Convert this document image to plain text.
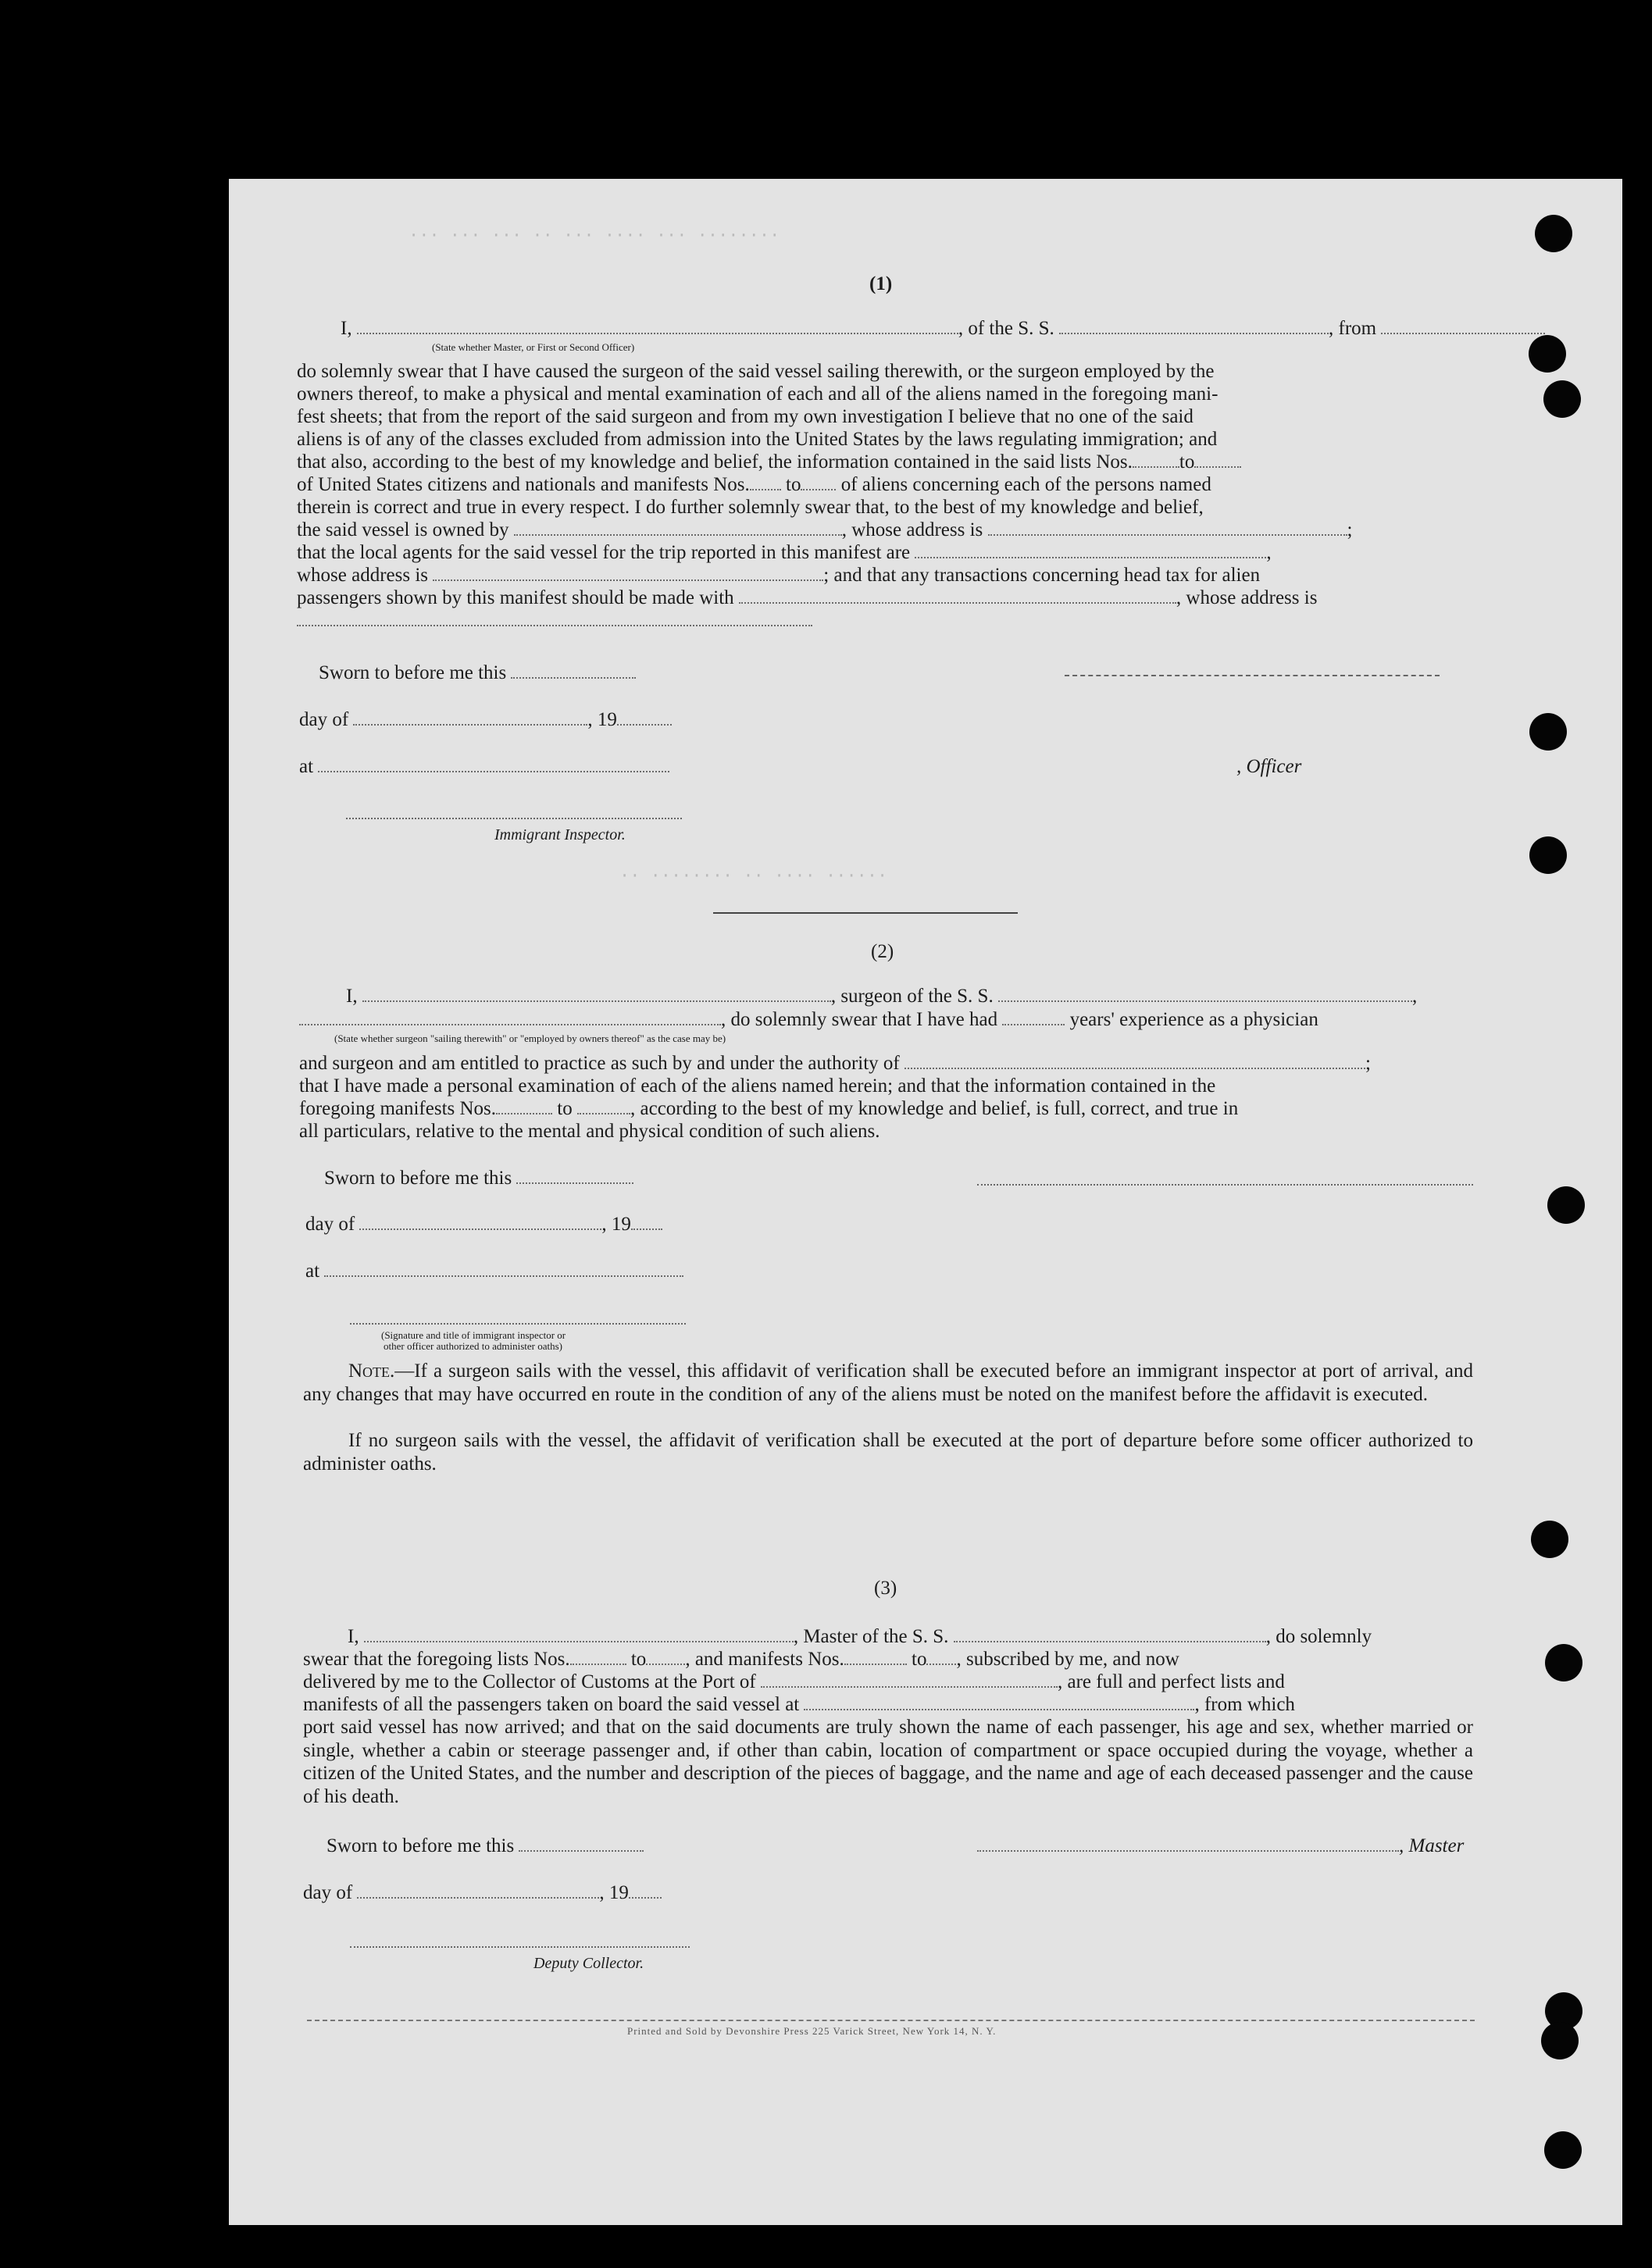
··· ··· ··· ·· ··· ···· ··· ········
·· ········ ·· ···· ······
(1)
I,	, of the S. S.	, from
(State whether Master, or First or Second Officer)
do solemnly swear that I have caused the surgeon of the said vessel sailing therewith, or the surgeon employed by the
owners thereof, to make a physical and mental examination of each and all of the aliens named in the foregoing mani-
fest sheets; that from the report of the said surgeon and from my own investigation I believe that no one of the said
aliens is of any of the classes excluded from admission into the United States by the laws regulating immigration; and
that also, according to the best of my knowledge and belief, the information contained in the said lists Nos. to
of United States citizens and nationals and manifests Nos. to of aliens concerning each of the persons named
therein is correct and true in every respect. I do further solemnly swear that, to the best of my knowledge and belief,
the said vessel is owned by	, whose address is	;
that the local agents for the said vessel for the trip reported in this manifest are	,
whose address is	; and that any transactions concerning head tax for alien
passengers shown by this manifest should be made with	, whose address is
Sworn to before me this
day of	, 19
at	, Officer
Immigrant Inspector.
(2)
I,	, surgeon of the S. S.	,
, do solemnly swear that I have had	years' experience as a physician
(State whether surgeon "sailing therewith" or "employed by owners thereof" as the case may be)
and surgeon and am entitled to practice as such by and under the authority of	;
that I have made a personal examination of each of the aliens named herein; and that the information contained in the
foregoing manifests Nos.	to	, according to the best of my knowledge and belief, is full, correct, and true in
all particulars, relative to the mental and physical condition of such aliens.
Sworn to before me this
day of	, 19
at
(Signature and title of immigrant inspector or
other officer authorized to administer oaths)
Note.—If a surgeon sails with the vessel, this affidavit of verification shall be executed before an immigrant inspector at port of arrival, and any changes that may have occurred en route in the condition of any of the aliens must be noted on the manifest before the affidavit is executed.
If no surgeon sails with the vessel, the affidavit of verification shall be executed at the port of departure before some officer authorized to administer oaths.
(3)
I,	, Master of the S. S.	, do solemnly
swear that the foregoing lists Nos.	to , and manifests Nos.	to , subscribed by me, and now
delivered by me to the Collector of Customs at the Port of	, are full and perfect lists and
manifests of all the passengers taken on board the said vessel at	, from which
port said vessel has now arrived; and that on the said documents are truly shown the name of each passenger, his age and sex, whether married or single, whether a cabin or steerage passenger and, if other than cabin, location of compartment or space occupied during the voyage, whether a citizen of the United States, and the number and description of the pieces of baggage, and the name and age of each deceased passenger and the cause of his death.
Sworn to before me this	, Master
day of	, 19
Deputy Collector.
Printed and Sold by Devonshire Press 225 Varick Street, New York 14, N. Y.
